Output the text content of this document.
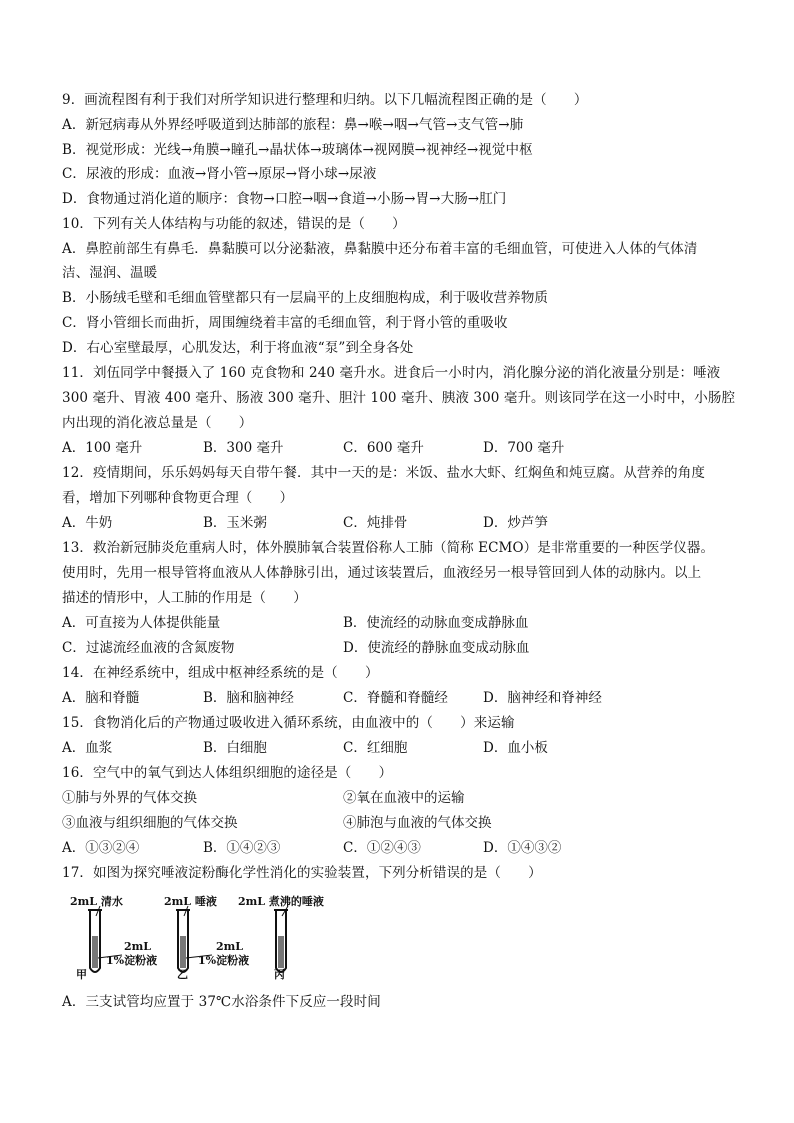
9．画流程图有利于我们对所学知识进行整理和归纳。以下几幅流程图正确的是（　　）
A．新冠病毒从外界经呼吸道到达肺部的旅程：鼻→喉→咽→气管→支气管→肺
B．视觉形成：光线→角膜→瞳孔→晶状体→玻璃体→视网膜→视神经→视觉中枢
C．尿液的形成：血液→肾小管→原尿→肾小球→尿液
D．食物通过消化道的顺序：食物→口腔→咽→食道→小肠→胃→大肠→肛门
10．下列有关人体结构与功能的叙述，错误的是（　　）
A．鼻腔前部生有鼻毛．鼻黏膜可以分泌黏液，鼻黏膜中还分布着丰富的毛细血管，可使进入人体的气体清
洁、湿润、温暖
B．小肠绒毛壁和毛细血管壁都只有一层扁平的上皮细胞构成，利于吸收营养物质
C．肾小管细长而曲折，周围缠绕着丰富的毛细血管，利于肾小管的重吸收
D．右心室壁最厚，心肌发达，利于将血液“泵”到全身各处
11．刘伍同学中餐摄入了 160 克食物和 240 毫升水。进食后一小时内，消化腺分泌的消化液量分别是：唾液
300 毫升、胃液 400 毫升、肠液 300 毫升、胆汁 100 毫升、胰液 300 毫升。则该同学在这一小时中，小肠腔
内出现的消化液总量是（　　）
A．100 毫升	B．300 毫升	C．600 毫升	D．700 毫升
12．疫情期间，乐乐妈妈每天自带午餐．其中一天的是：米饭、盐水大虾、红焖鱼和炖豆腐。从营养的角度
看，增加下列哪种食物更合理（　　）
A．牛奶	B．玉米粥	C．炖排骨	D．炒芦笋
13．救治新冠肺炎危重病人时，体外膜肺氧合装置俗称人工肺（简称 ECMO）是非常重要的一种医学仪器。
使用时，先用一根导管将血液从人体静脉引出，通过该装置后，血液经另一根导管回到人体的动脉内。以上
描述的情形中，人工肺的作用是（　　）
A．可直接为人体提供能量	B．使流经的动脉血变成静脉血
C．过滤流经血液的含氮废物	D．使流经的静脉血变成动脉血
14．在神经系统中，组成中枢神经系统的是（　　）
A．脑和脊髓	B．脑和脑神经	C．脊髓和脊髓经	D．脑神经和脊神经
15．食物消化后的产物通过吸收进入循环系统，由血液中的（　　）来运输
A．血浆	B．白细胞	C．红细胞	D．血小板
16．空气中的氧气到达人体组织细胞的途径是（　　）
①肺与外界的气体交换	②氧在血液中的运输
③血液与组织细胞的气体交换	④肺泡与血液的气体交换
A．①③②④	B．①④②③	C．①②④③	D．①④③②
17．如图为探究唾液淀粉酶化学性消化的实验装置，下列分析错误的是（　　）
2mL 清水	2mL 唾液 2mL 煮沸的唾液
2mL	2mL
1%淀粉液	1%淀粉液
甲	乙	丙
A．三支试管均应置于 37℃水浴条件下反应一段时间
